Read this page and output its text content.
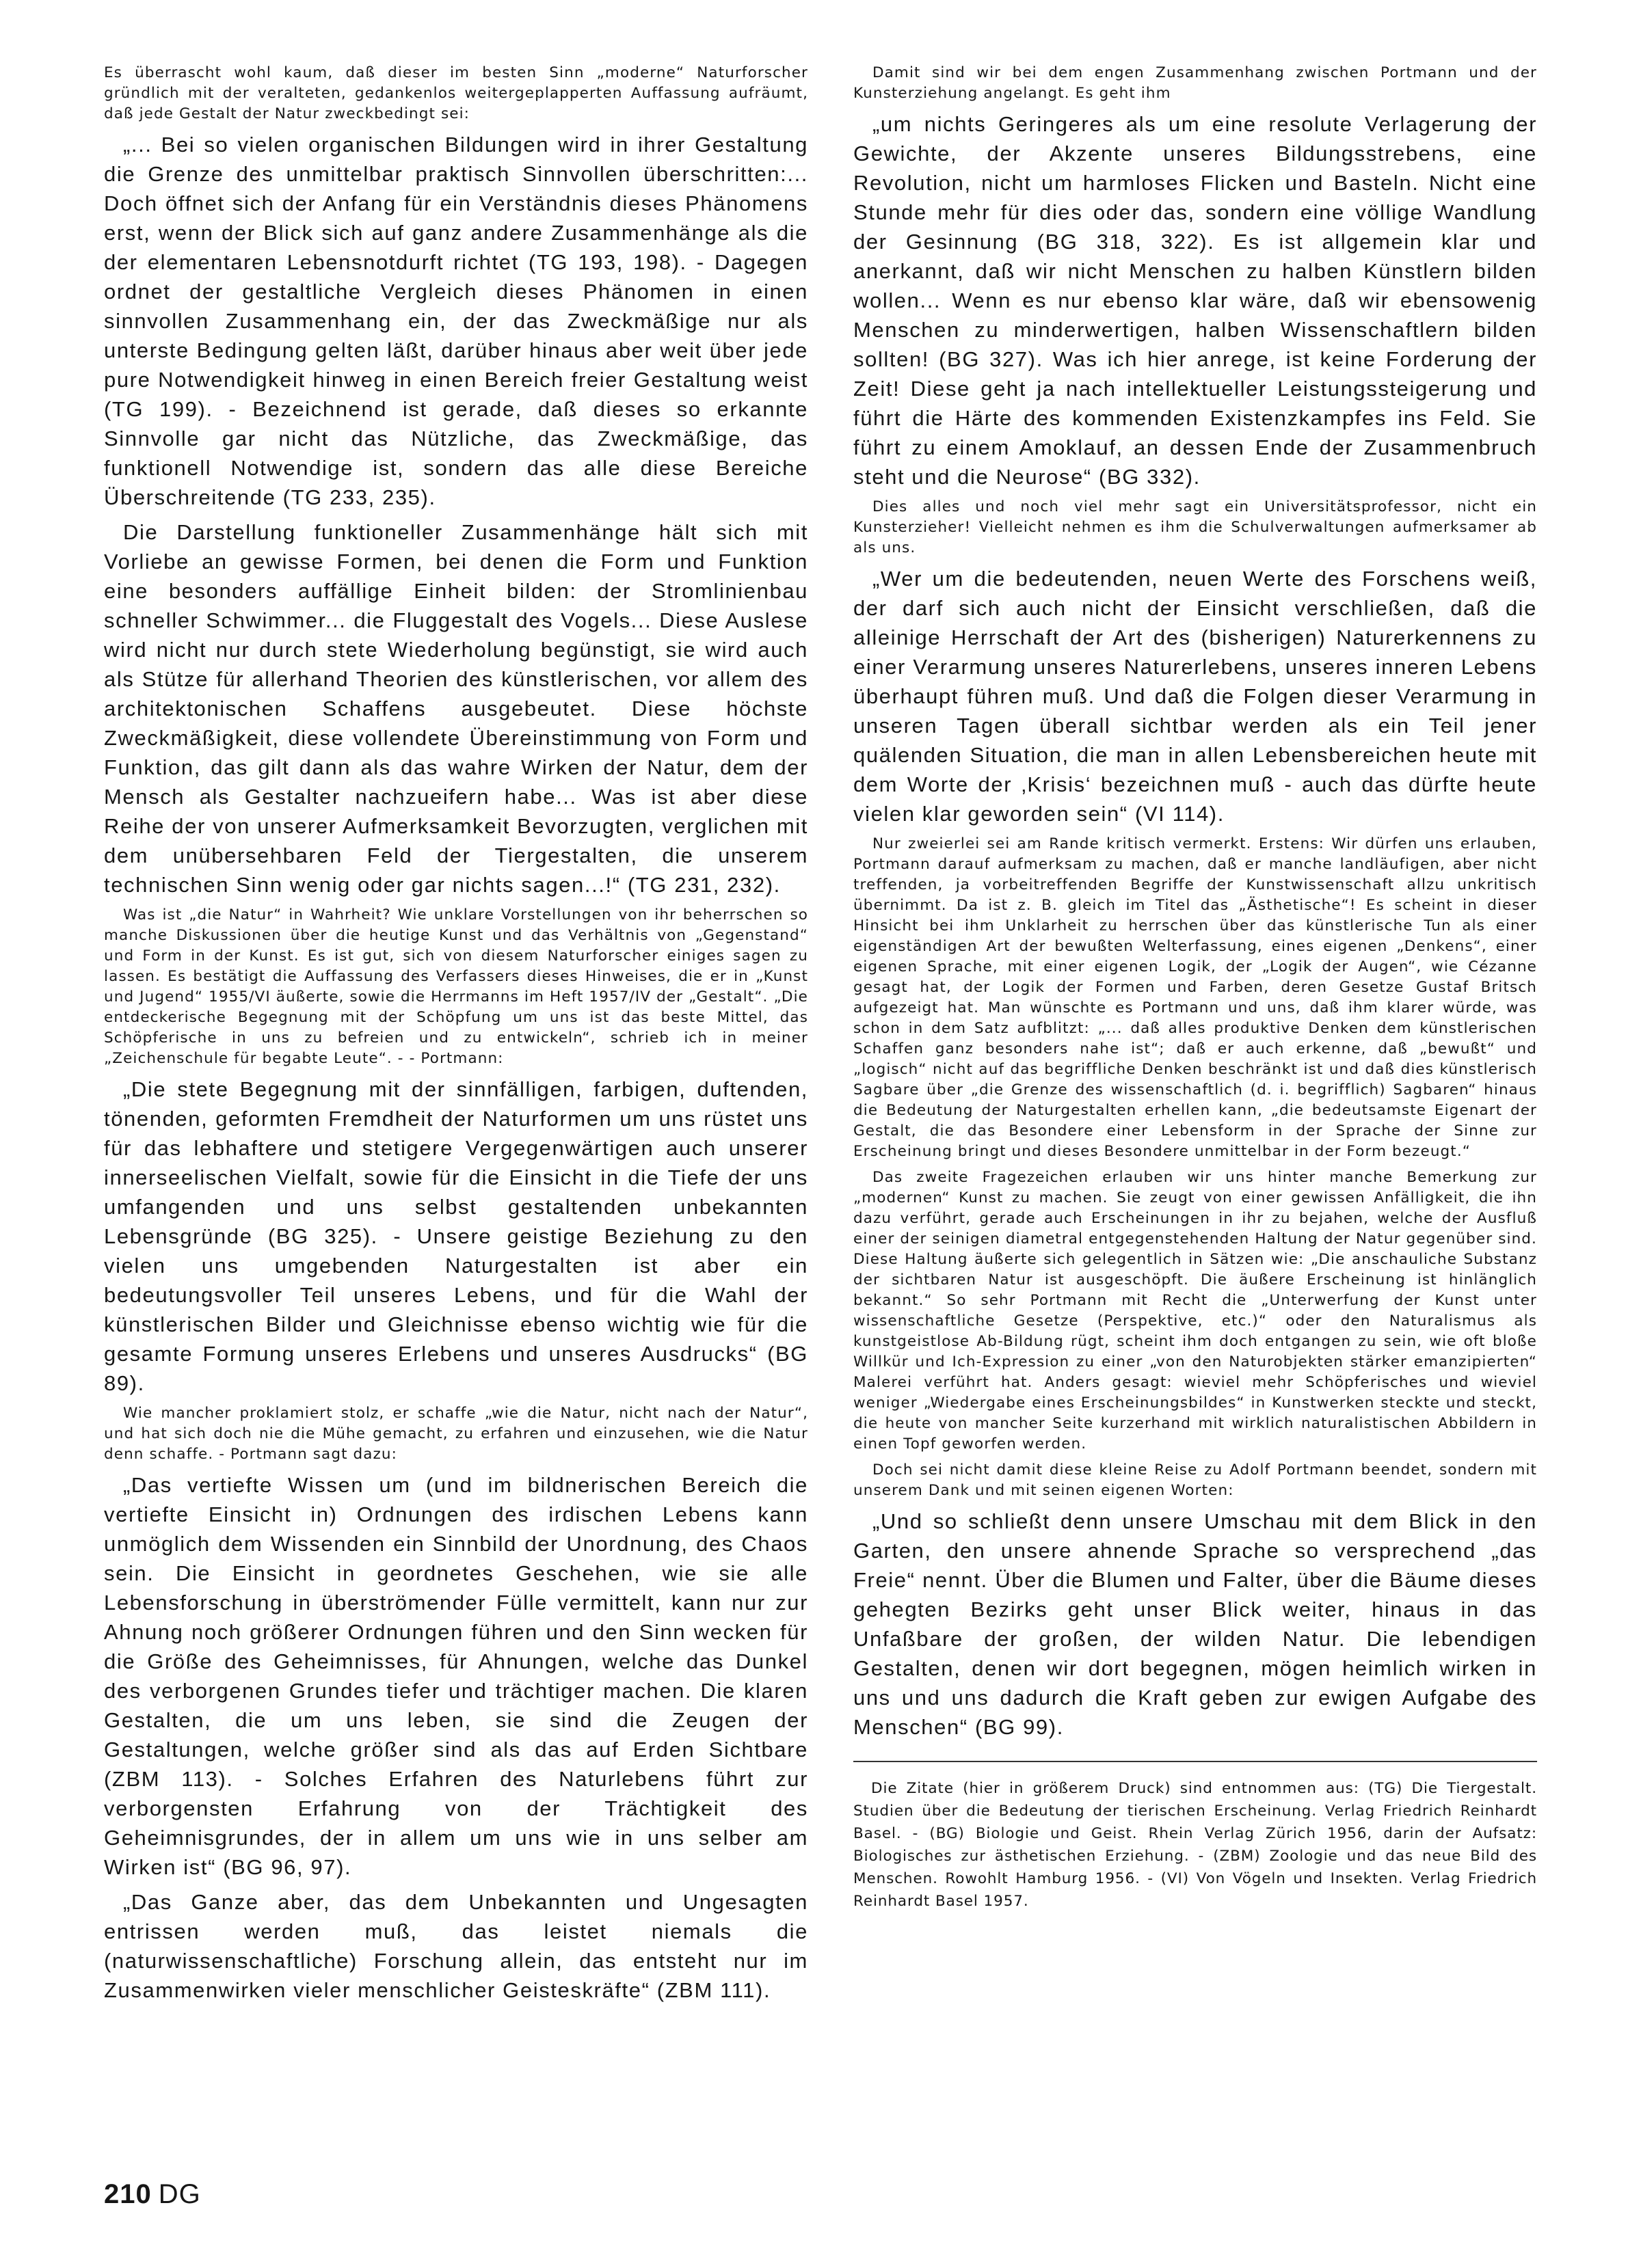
Es überrascht wohl kaum, daß dieser im besten Sinn „moderne“ Naturforscher gründlich mit der veralteten, gedankenlos weitergeplapperten Auffassung aufräumt, daß jede Gestalt der Natur zweckbedingt sei:

„... Bei so vielen organischen Bildungen wird in ihrer Gestaltung die Grenze des unmittelbar praktisch Sinnvollen überschritten:... Doch öffnet sich der Anfang für ein Verständnis dieses Phänomens erst, wenn der Blick sich auf ganz andere Zusammenhänge als die der elementaren Lebensnotdurft richtet (TG 193, 198). - Dagegen ordnet der gestaltliche Vergleich dieses Phänomen in einen sinnvollen Zusammenhang ein, der das Zweckmäßige nur als unterste Bedingung gelten läßt, darüber hinaus aber weit über jede pure Notwendigkeit hinweg in einen Bereich freier Gestaltung weist (TG 199). - Bezeichnend ist gerade, daß dieses so erkannte Sinnvolle gar nicht das Nützliche, das Zweckmäßige, das funktionell Notwendige ist, sondern das alle diese Bereiche Überschreitende (TG 233, 235).

Die Darstellung funktioneller Zusammenhänge hält sich mit Vorliebe an gewisse Formen, bei denen die Form und Funktion eine besonders auffällige Einheit bilden: der Stromlinienbau schneller Schwimmer... die Fluggestalt des Vogels... Diese Auslese wird nicht nur durch stete Wiederholung begünstigt, sie wird auch als Stütze für allerhand Theorien des künstlerischen, vor allem des architektonischen Schaffens ausgebeutet. Diese höchste Zweckmäßigkeit, diese vollendete Übereinstimmung von Form und Funktion, das gilt dann als das wahre Wirken der Natur, dem der Mensch als Gestalter nachzueifern habe... Was ist aber diese Reihe der von unserer Aufmerksamkeit Bevorzugten, verglichen mit dem unübersehbaren Feld der Tiergestalten, die unserem technischen Sinn wenig oder gar nichts sagen...!“ (TG 231, 232).

Was ist „die Natur“ in Wahrheit? Wie unklare Vorstellungen von ihr beherrschen so manche Diskussionen über die heutige Kunst und das Verhältnis von „Gegenstand“ und Form in der Kunst. Es ist gut, sich von diesem Naturforscher einiges sagen zu lassen. Es bestätigt die Auffassung des Verfassers dieses Hinweises, die er in „Kunst und Jugend“ 1955/VI äußerte, sowie die Herrmanns im Heft 1957/IV der „Gestalt“. „Die entdeckerische Begegnung mit der Schöpfung um uns ist das beste Mittel, das Schöpferische in uns zu befreien und zu entwickeln“, schrieb ich in meiner „Zeichenschule für begabte Leute“. - - Portmann:

„Die stete Begegnung mit der sinnfälligen, farbigen, duftenden, tönenden, geformten Fremdheit der Naturformen um uns rüstet uns für das lebhaftere und stetigere Vergegenwärtigen auch unserer innerseelischen Vielfalt, sowie für die Einsicht in die Tiefe der uns umfangenden und uns selbst gestaltenden unbekannten Lebensgründe (BG 325). - Unsere geistige Beziehung zu den vielen uns umgebenden Naturgestalten ist aber ein bedeutungsvoller Teil unseres Lebens, und für die Wahl der künstlerischen Bilder und Gleichnisse ebenso wichtig wie für die gesamte Formung unseres Erlebens und unseres Ausdrucks“ (BG 89).

Wie mancher proklamiert stolz, er schaffe „wie die Natur, nicht nach der Natur“, und hat sich doch nie die Mühe gemacht, zu erfahren und einzusehen, wie die Natur denn schaffe. - Portmann sagt dazu:

„Das vertiefte Wissen um (und im bildnerischen Bereich die vertiefte Einsicht in) Ordnungen des irdischen Lebens kann unmöglich dem Wissenden ein Sinnbild der Unordnung, des Chaos sein. Die Einsicht in geordnetes Geschehen, wie sie alle Lebensforschung in überströmender Fülle vermittelt, kann nur zur Ahnung noch größerer Ordnungen führen und den Sinn wecken für die Größe des Geheimnisses, für Ahnungen, welche das Dunkel des verborgenen Grundes tiefer und trächtiger machen. Die klaren Gestalten, die um uns leben, sie sind die Zeugen der Gestaltungen, welche größer sind als das auf Erden Sichtbare (ZBM 113). - Solches Erfahren des Naturlebens führt zur verborgensten Erfahrung von der Trächtigkeit des Geheimnisgrundes, der in allem um uns wie in uns selber am Wirken ist“ (BG 96, 97).

„Das Ganze aber, das dem Unbekannten und Ungesagten entrissen werden muß, das leistet niemals die (naturwissenschaftliche) Forschung allein, das entsteht nur im Zusammenwirken vieler menschlicher Geisteskräfte“ (ZBM 111).

Damit sind wir bei dem engen Zusammenhang zwischen Portmann und der Kunsterziehung angelangt. Es geht ihm

„um nichts Geringeres als um eine resolute Verlagerung der Gewichte, der Akzente unseres Bildungsstrebens, eine Revolution, nicht um harmloses Flicken und Basteln. Nicht eine Stunde mehr für dies oder das, sondern eine völlige Wandlung der Gesinnung (BG 318, 322). Es ist allgemein klar und anerkannt, daß wir nicht Menschen zu halben Künstlern bilden wollen... Wenn es nur ebenso klar wäre, daß wir ebensowenig Menschen zu minderwertigen, halben Wissenschaftlern bilden sollten! (BG 327). Was ich hier anrege, ist keine Forderung der Zeit! Diese geht ja nach intellektueller Leistungssteigerung und führt die Härte des kommenden Existenzkampfes ins Feld. Sie führt zu einem Amoklauf, an dessen Ende der Zusammenbruch steht und die Neurose“ (BG 332).

Dies alles und noch viel mehr sagt ein Universitätsprofessor, nicht ein Kunsterzieher! Vielleicht nehmen es ihm die Schulverwaltungen aufmerksamer ab als uns.

„Wer um die bedeutenden, neuen Werte des Forschens weiß, der darf sich auch nicht der Einsicht verschließen, daß die alleinige Herrschaft der Art des (bisherigen) Naturerkennens zu einer Verarmung unseres Naturerlebens, unseres inneren Lebens überhaupt führen muß. Und daß die Folgen dieser Verarmung in unseren Tagen überall sichtbar werden als ein Teil jener quälenden Situation, die man in allen Lebensbereichen heute mit dem Worte der ‚Krisis‘ bezeichnen muß - auch das dürfte heute vielen klar geworden sein“ (VI 114).

Nur zweierlei sei am Rande kritisch vermerkt. Erstens: Wir dürfen uns erlauben, Portmann darauf aufmerksam zu machen, daß er manche landläufigen, aber nicht treffenden, ja vorbeitreffenden Begriffe der Kunstwissenschaft allzu unkritisch übernimmt. Da ist z. B. gleich im Titel das „Ästhetische“! Es scheint in dieser Hinsicht bei ihm Unklarheit zu herrschen über das künstlerische Tun als einer eigenständigen Art der bewußten Welterfassung, eines eigenen „Denkens“, einer eigenen Sprache, mit einer eigenen Logik, der „Logik der Augen“, wie Cézanne gesagt hat, der Logik der Formen und Farben, deren Gesetze Gustaf Britsch aufgezeigt hat. Man wünschte es Portmann und uns, daß ihm klarer würde, was schon in dem Satz aufblitzt: „... daß alles produktive Denken dem künstlerischen Schaffen ganz besonders nahe ist“; daß er auch erkenne, daß „bewußt“ und „logisch“ nicht auf das begriffliche Denken beschränkt ist und daß dies künstlerisch Sagbare über „die Grenze des wissenschaftlich (d. i. begrifflich) Sagbaren“ hinaus die Bedeutung der Naturgestalten erhellen kann, „die bedeutsamste Eigenart der Gestalt, die das Besondere einer Lebensform in der Sprache der Sinne zur Erscheinung bringt und dieses Besondere unmittelbar in der Form bezeugt.“

Das zweite Fragezeichen erlauben wir uns hinter manche Bemerkung zur „modernen“ Kunst zu machen. Sie zeugt von einer gewissen Anfälligkeit, die ihn dazu verführt, gerade auch Erscheinungen in ihr zu bejahen, welche der Ausfluß einer der seinigen diametral entgegenstehenden Haltung der Natur gegenüber sind. Diese Haltung äußerte sich gelegentlich in Sätzen wie: „Die anschauliche Substanz der sichtbaren Natur ist ausgeschöpft. Die äußere Erscheinung ist hinlänglich bekannt.“ So sehr Portmann mit Recht die „Unterwerfung der Kunst unter wissenschaftliche Gesetze (Perspektive, etc.)“ oder den Naturalismus als kunstgeistlose Ab-Bildung rügt, scheint ihm doch entgangen zu sein, wie oft bloße Willkür und Ich-Expression zu einer „von den Naturobjekten stärker emanzipierten“ Malerei verführt hat. Anders gesagt: wieviel mehr Schöpferisches und wieviel weniger „Wiedergabe eines Erscheinungsbildes“ in Kunstwerken steckte und steckt, die heute von mancher Seite kurzerhand mit wirklich naturalistischen Abbildern in einen Topf geworfen werden.

Doch sei nicht damit diese kleine Reise zu Adolf Portmann beendet, sondern mit unserem Dank und mit seinen eigenen Worten:

„Und so schließt denn unsere Umschau mit dem Blick in den Garten, den unsere ahnende Sprache so versprechend „das Freie“ nennt. Über die Blumen und Falter, über die Bäume dieses gehegten Bezirks geht unser Blick weiter, hinaus in das Unfaßbare der großen, der wilden Natur. Die lebendigen Gestalten, denen wir dort begegnen, mögen heimlich wirken in uns und uns dadurch die Kraft geben zur ewigen Aufgabe des Menschen“ (BG 99).

Die Zitate (hier in größerem Druck) sind entnommen aus: (TG) Die Tiergestalt. Studien über die Bedeutung der tierischen Erscheinung. Verlag Friedrich Reinhardt Basel. - (BG) Biologie und Geist. Rhein Verlag Zürich 1956, darin der Aufsatz: Biologisches zur ästhetischen Erziehung. - (ZBM) Zoologie und das neue Bild des Menschen. Rowohlt Hamburg 1956. - (VI) Von Vögeln und Insekten. Verlag Friedrich Reinhardt Basel 1957.

210 DG
